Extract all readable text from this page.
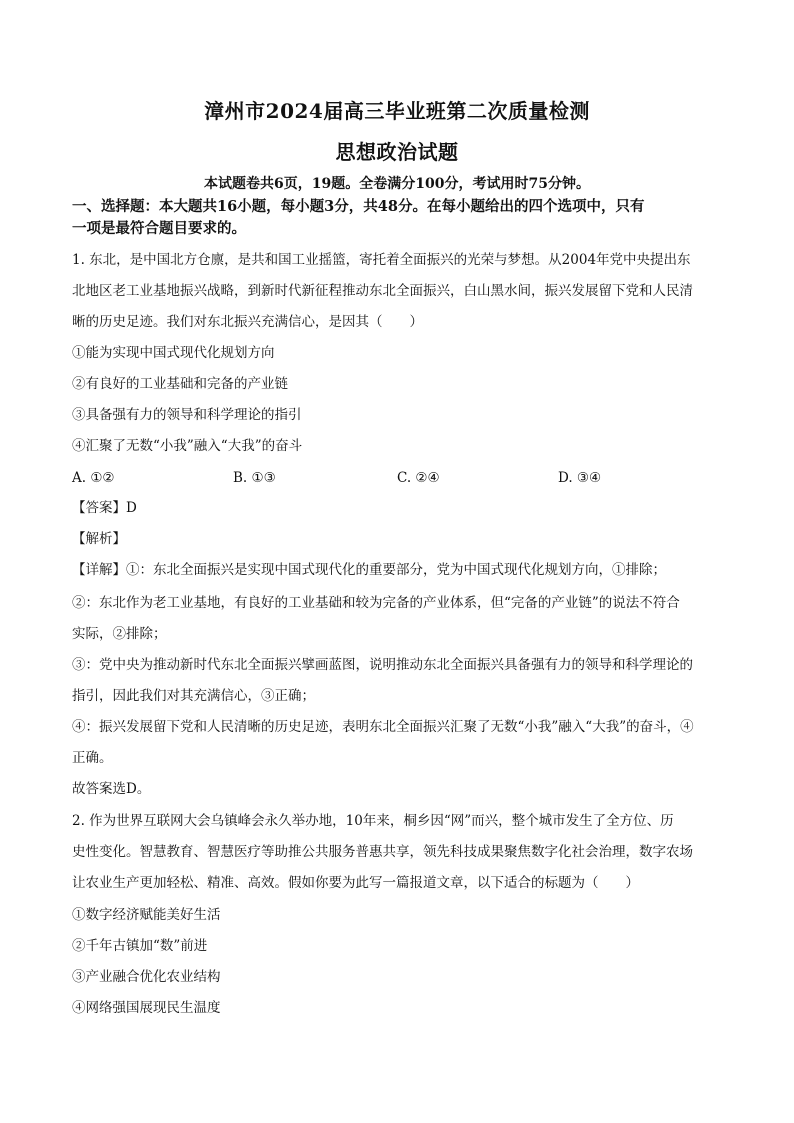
漳州市2024届高三毕业班第二次质量检测
思想政治试题
本试题卷共6页，19题。全卷满分100分，考试用时75分钟。
一、选择题：本大题共16小题，每小题3分，共48分。在每小题给出的四个选项中，只有
一项是最符合题目要求的。
1. 东北，是中国北方仓廪，是共和国工业摇篮，寄托着全面振兴的光荣与梦想。从2004年党中央提出东
北地区老工业基地振兴战略，到新时代新征程推动东北全面振兴，白山黑水间，振兴发展留下党和人民清
晰的历史足迹。我们对东北振兴充满信心，是因其（　　）
①能为实现中国式现代化规划方向
②有良好的工业基础和完备的产业链
③具备强有力的领导和科学理论的指引
④汇聚了无数“小我”融入“大我”的奋斗
A. ①②	B. ①③	C. ②④	D. ③④
【答案】D
【解析】
【详解】①：东北全面振兴是实现中国式现代化的重要部分，党为中国式现代化规划方向，①排除；
②：东北作为老工业基地，有良好的工业基础和较为完备的产业体系，但“完备的产业链”的说法不符合
实际，②排除；
③：党中央为推动新时代东北全面振兴擘画蓝图，说明推动东北全面振兴具备强有力的领导和科学理论的
指引，因此我们对其充满信心，③正确；
④：振兴发展留下党和人民清晰的历史足迹，表明东北全面振兴汇聚了无数“小我”融入“大我”的奋斗，④
正确。
故答案选D。
2. 作为世界互联网大会乌镇峰会永久举办地，10年来，桐乡因“网”而兴，整个城市发生了全方位、历
史性变化。智慧教育、智慧医疗等助推公共服务普惠共享，领先科技成果聚焦数字化社会治理，数字农场
让农业生产更加轻松、精准、高效。假如你要为此写一篇报道文章，以下适合的标题为（　　）
①数字经济赋能美好生活
②千年古镇加“数”前进
③产业融合优化农业结构
④网络强国展现民生温度
